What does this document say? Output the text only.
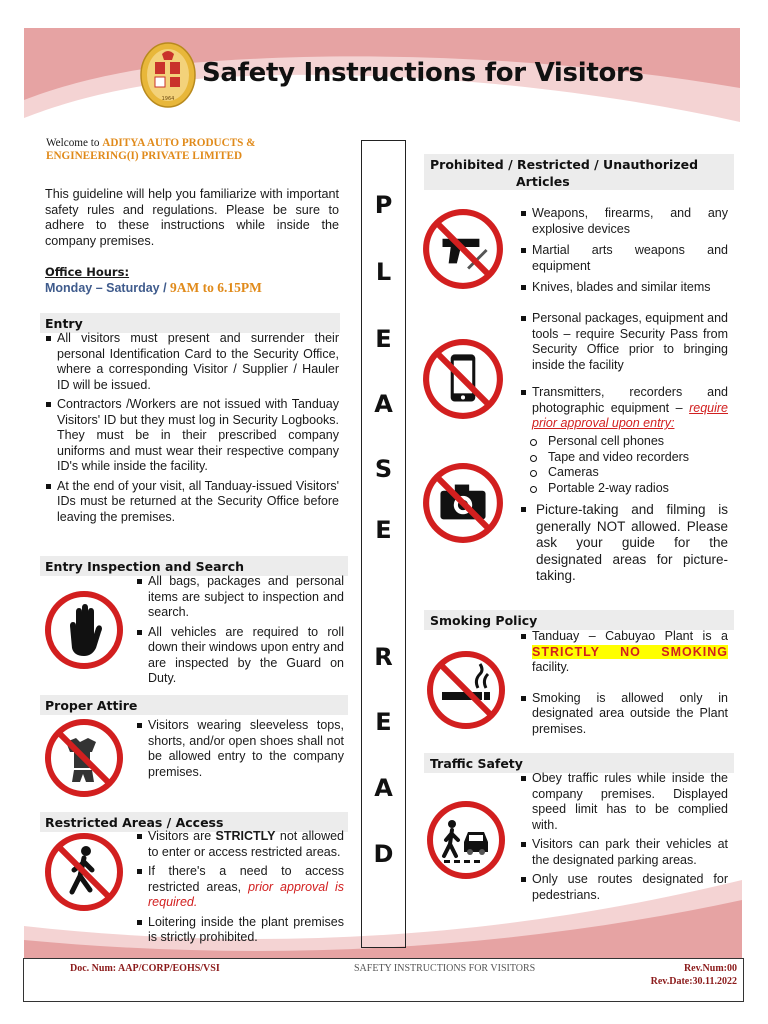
1964
Safety Instructions for Visitors
Welcome to ADITYA AUTO PRODUCTS & ENGINEERING(I) PRIVATE LIMITED
This guideline will help you familiarize with important safety rules and regulations. Please be sure to adhere to these instructions while inside the company premises.
Office Hours:
Monday – Saturday / 9AM to 6.15PM
Entry
All visitors must present and surrender their personal Identification Card to the Security Office, where a corresponding Visitor / Supplier / Hauler ID will be issued.
Contractors /Workers are not issued with Tanduay Visitors' ID but they must log in Security Logbooks. They must be in their prescribed company uniforms and must wear their respective company ID's while inside the facility.
At the end of your visit, all Tanduay-issued Visitors' IDs must be returned at the Security Office before leaving the premises.
Entry Inspection and Search
All bags, packages and personal items are subject to inspection and search.
All vehicles are required to roll down their windows upon entry and are inspected by the Guard on Duty.
Proper Attire
Visitors wearing sleeveless tops, shorts, and/or open shoes shall not be allowed entry to the company premises.
Restricted Areas / Access
Visitors are STRICTLY not allowed to enter or access restricted areas.
If there's a need to access restricted areas, prior approval is required.
Loitering inside the plant premises is strictly prohibited.
P
L
E
A
S
E
R
E
A
D
Prohibited / Restricted / Unauthorized
Articles
Weapons, firearms, and any explosive devices
Martial arts weapons and equipment
Knives, blades and similar items
Personal packages, equipment and tools – require Security Pass from Security Office prior to bringing inside the facility
Transmitters, recorders and photographic equipment – require prior approval upon entry:
Personal cell phones
Tape and video recorders
Cameras
Portable 2-way radios
Picture-taking and filming is generally NOT allowed. Please ask your guide for the designated areas for picture-taking.
Smoking Policy
Tanduay – Cabuyao Plant is a STRICTLY NO SMOKING facility.
Smoking is allowed only in designated area outside the Plant premises.
Traffic Safety
Obey traffic rules while inside the company premises. Displayed speed limit has to be complied with.
Visitors can park their vehicles at the designated parking areas.
Only use routes designated for pedestrians.
Doc. Num: AAP/CORP/EOHS/VSI	SAFETY INSTRUCTIONS FOR VISITORS	Rev.Num:00
Rev.Date:30.11.2022
